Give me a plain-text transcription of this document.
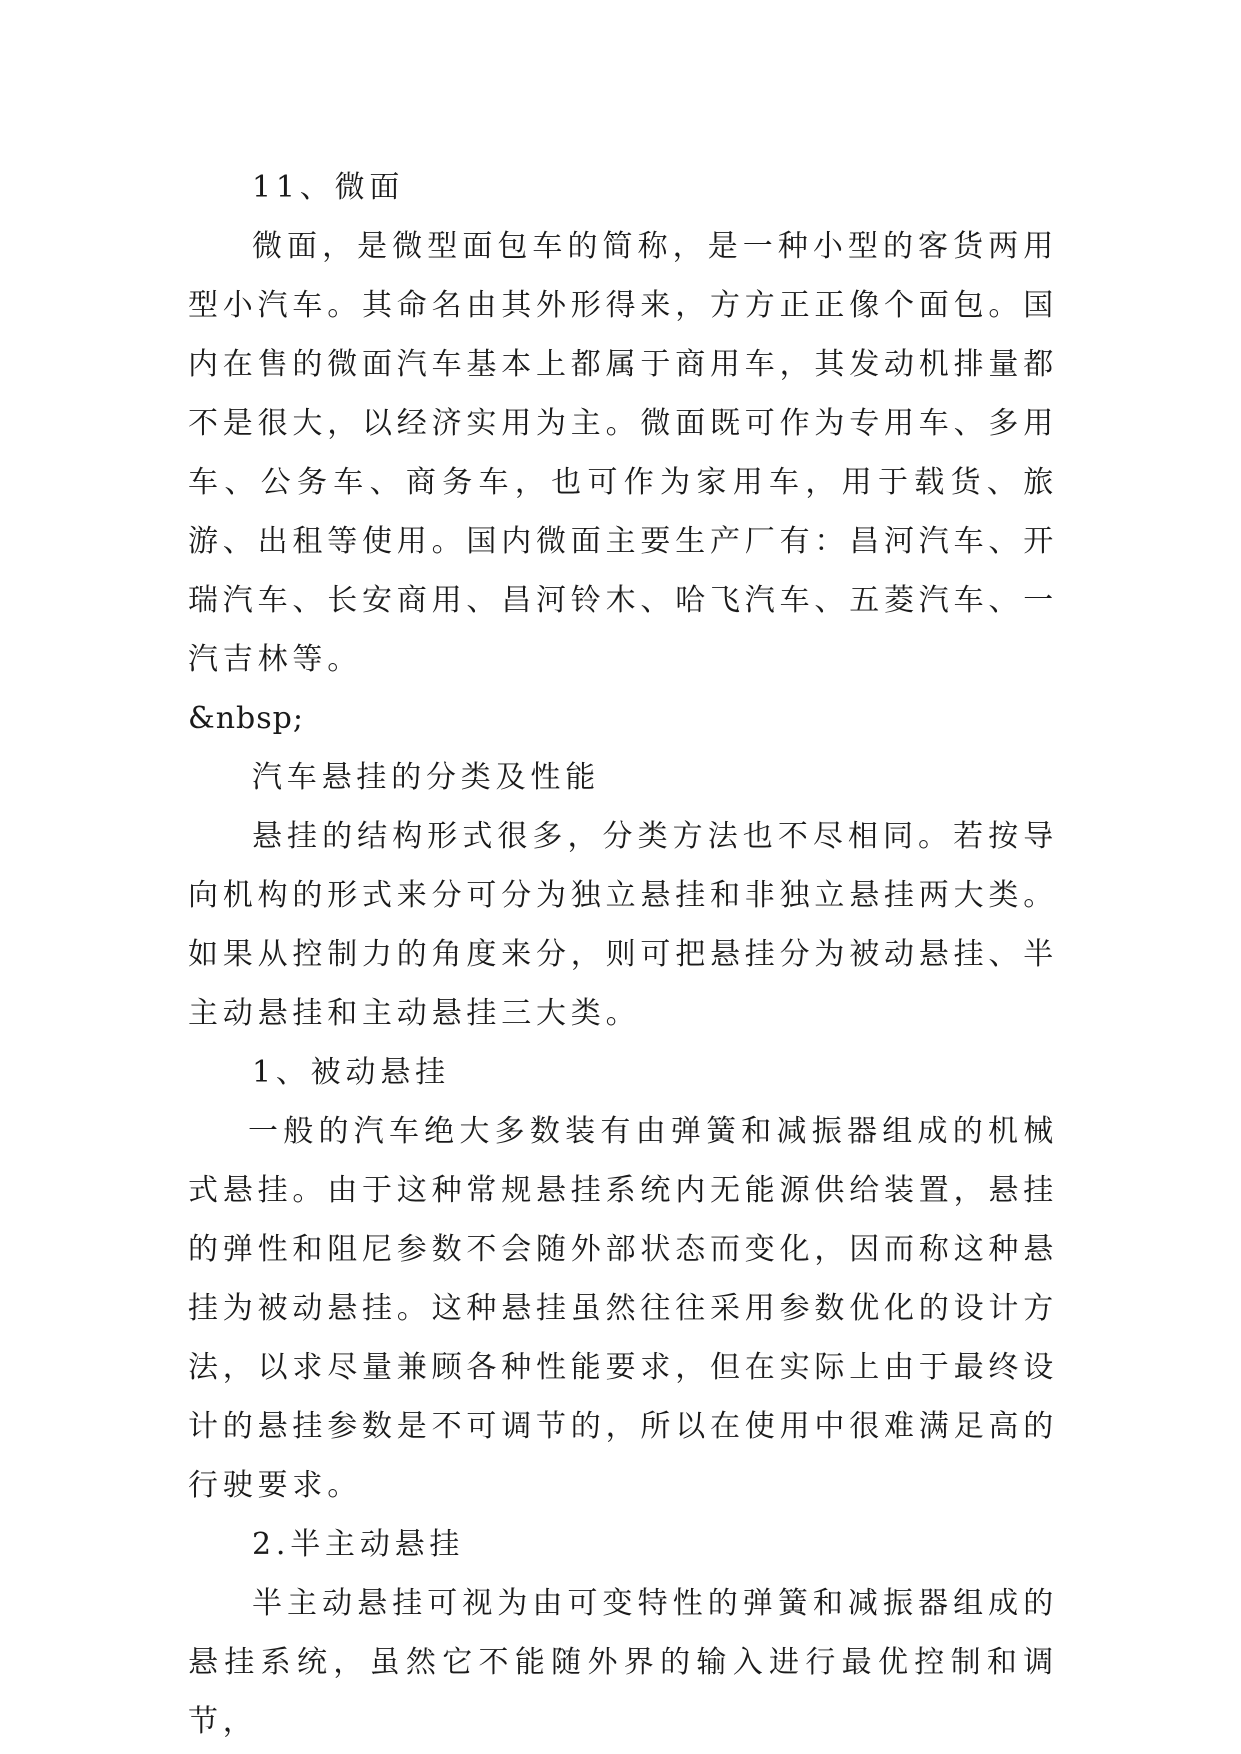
11、微面

微面，是微型面包车的简称，是一种小型的客货两用型小汽车。其命名由其外形得来，方方正正像个面包。国内在售的微面汽车基本上都属于商用车，其发动机排量都不是很大，以经济实用为主。微面既可作为专用车、多用车、公务车、商务车，也可作为家用车，用于载货、旅游、出租等使用。国内微面主要生产厂有：昌河汽车、开瑞汽车、长安商用、昌河铃木、哈飞汽车、五菱汽车、一汽吉林等。

&nbsp;

汽车悬挂的分类及性能

悬挂的结构形式很多，分类方法也不尽相同。若按导向机构的形式来分可分为独立悬挂和非独立悬挂两大类。如果从控制力的角度来分，则可把悬挂分为被动悬挂、半主动悬挂和主动悬挂三大类。

1、被动悬挂

一般的汽车绝大多数装有由弹簧和减振器组成的机械式悬挂。由于这种常规悬挂系统内无能源供给装置，悬挂的弹性和阻尼参数不会随外部状态而变化，因而称这种悬挂为被动悬挂。这种悬挂虽然往往采用参数优化的设计方法，以求尽量兼顾各种性能要求，但在实际上由于最终设计的悬挂参数是不可调节的，所以在使用中很难满足高的行驶要求。

2.半主动悬挂

半主动悬挂可视为由可变特性的弹簧和减振器组成的悬挂系统，虽然它不能随外界的输入进行最优控制和调节，
